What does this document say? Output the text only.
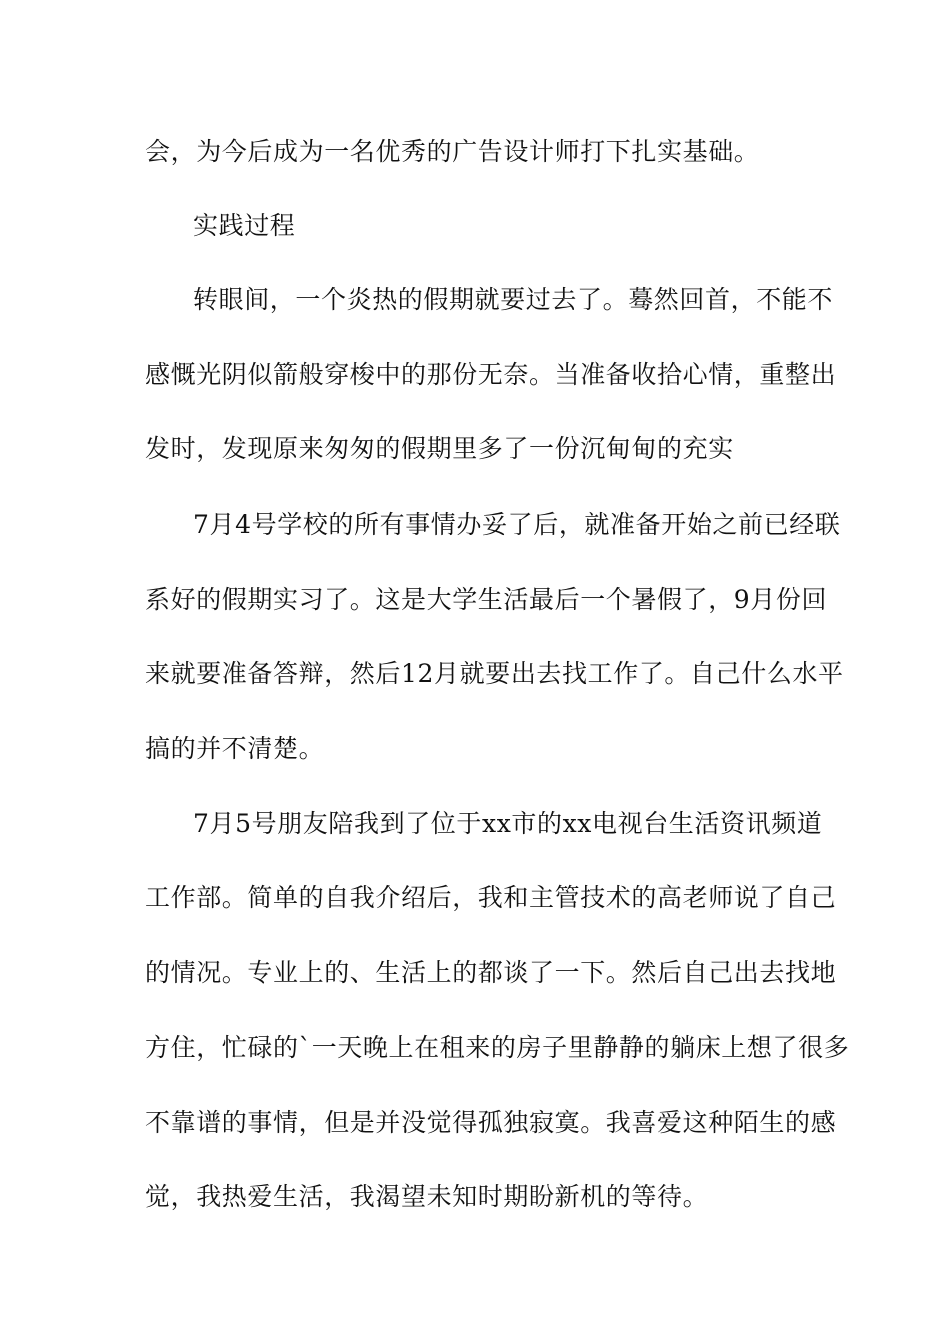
会，为今后成为一名优秀的广告设计师打下扎实基础。
实践过程
转眼间，一个炎热的假期就要过去了。蓦然回首，不能不
感慨光阴似箭般穿梭中的那份无奈。当准备收拾心情，重整出
发时，发现原来匆匆的假期里多了一份沉甸甸的充实
7月4号学校的所有事情办妥了后，就准备开始之前已经联
系好的假期实习了。这是大学生活最后一个暑假了，9月份回
来就要准备答辩，然后12月就要出去找工作了。自己什么水平
搞的并不清楚。
7月5号朋友陪我到了位于xx市的xx电视台生活资讯频道
工作部。简单的自我介绍后，我和主管技术的高老师说了自己
的情况。专业上的、生活上的都谈了一下。然后自己出去找地
方住，忙碌的`一天晚上在租来的房子里静静的躺床上想了很多
不靠谱的事情，但是并没觉得孤独寂寞。我喜爱这种陌生的感
觉，我热爱生活，我渴望未知时期盼新机的等待。
